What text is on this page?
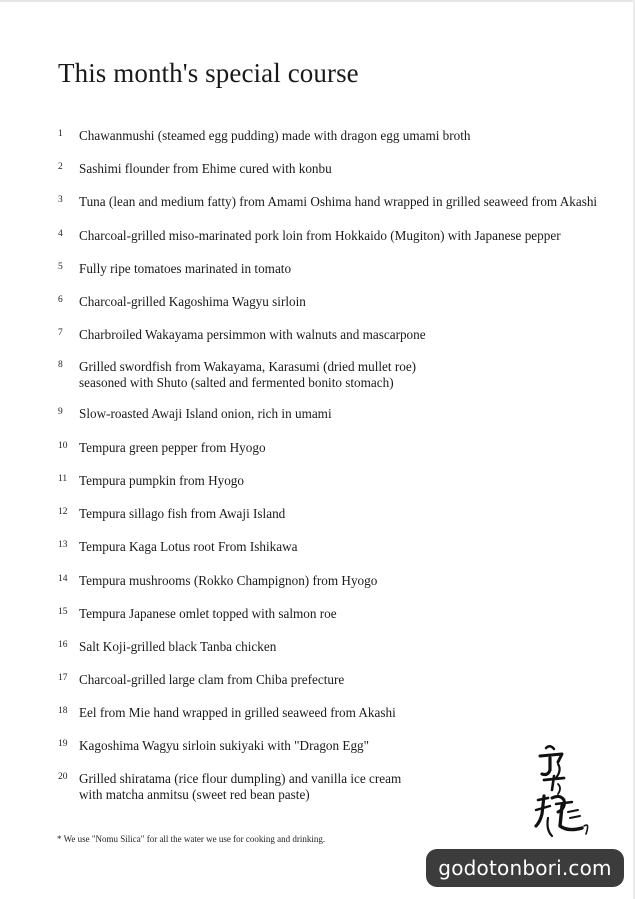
This month's special course
1	Chawanmushi (steamed egg pudding) made with dragon egg umami broth
2	Sashimi flounder from Ehime cured with konbu
3	Tuna (lean and medium fatty) from Amami Oshima hand wrapped in grilled seaweed from Akashi
4	Charcoal-grilled miso-marinated pork loin from Hokkaido (Mugiton) with Japanese pepper
5	Fully ripe tomatoes marinated in tomato
6	Charcoal-grilled Kagoshima Wagyu sirloin
7	Charbroiled Wakayama persimmon with walnuts and mascarpone
8	Grilled swordfish from Wakayama, Karasumi (dried mullet roe)
seasoned with Shuto (salted and fermented bonito stomach)
9	Slow-roasted Awaji Island onion, rich in umami
10 Tempura green pepper from Hyogo
11 Tempura pumpkin from Hyogo
12 Tempura sillago fish from Awaji Island
13 Tempura Kaga Lotus root From Ishikawa
14 Tempura mushrooms (Rokko Champignon) from Hyogo
15 Tempura Japanese omlet topped with salmon roe
16 Salt Koji-grilled black Tanba chicken
17 Charcoal-grilled large clam from Chiba prefecture
18 Eel from Mie hand wrapped in grilled seaweed from Akashi
19 Kagoshima Wagyu sirloin sukiyaki with "Dragon Egg"
20 Grilled shiratama (rice flour dumpling) and vanilla ice cream
with matcha anmitsu (sweet red bean paste)
* We use "Nomu Silica" for all the water we use for cooking and drinking.
godotonbori.com
